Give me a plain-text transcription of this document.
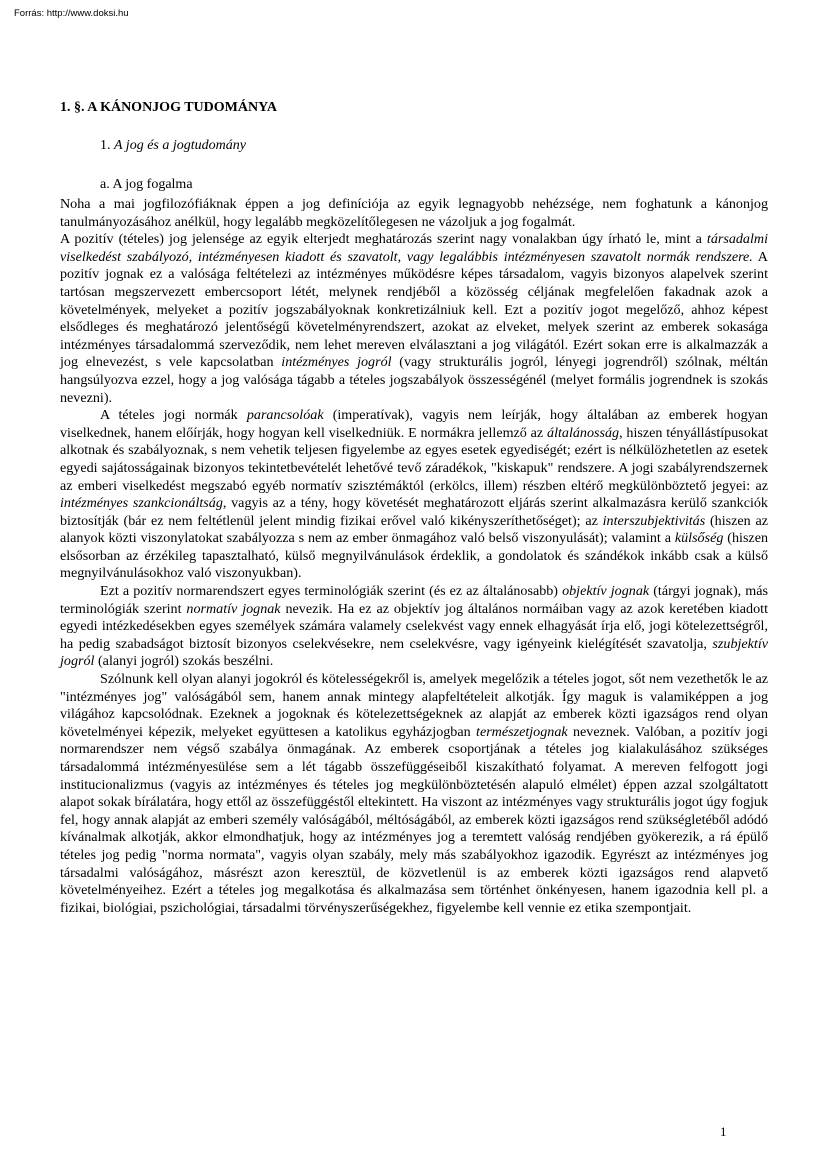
Forrás: http://www.doksi.hu
1. §. A KÁNONJOG TUDOMÁNYA

1. A jog és a jogtudomány

a. A jog fogalma

Noha a mai jogfilozófiáknak éppen a jog definíciója az egyik legnagyobb nehézsége, nem foghatunk a kánonjog tanulmányozásához anélkül, hogy legalább megközelítőlegesen ne vázoljuk a jog fogalmát.

A pozitív (tételes) jog jelensége az egyik elterjedt meghatározás szerint nagy vonalakban úgy írható le, mint a társadalmi viselkedést szabályozó, intézményesen kiadott és szavatolt, vagy legalábbis intézményesen szavatolt normák rendszere. A pozitív jognak ez a valósága feltételezi az intézményes működésre képes társadalom, vagyis bizonyos alapelvek szerint tartósan megszervezett embercsoport létét, melynek rendjéből a közösség céljának megfelelően fakadnak azok a követelmények, melyeket a pozitív jogszabályoknak konkretizálniuk kell. Ezt a pozitív jogot megelőző, ahhoz képest elsődleges és meghatározó jelentőségű követelményrendszert, azokat az elveket, melyek szerint az emberek sokasága intézményes társadalommá szerveződik, nem lehet mereven elválasztani a jog világától. Ezért sokan erre is alkalmazzák a jog elnevezést, s vele kapcsolatban intézményes jogról (vagy strukturális jogról, lényegi jogrendről) szólnak, méltán hangsúlyozva ezzel, hogy a jog valósága tágabb a tételes jogszabályok összességénél (melyet formális jogrendnek is szokás nevezni).

A tételes jogi normák parancsolóak (imperatívak), vagyis nem leírják, hogy általában az emberek hogyan viselkednek, hanem előírják, hogy hogyan kell viselkedniük. E normákra jellemző az általánosság, hiszen tényállástípusokat alkotnak és szabályoznak, s nem vehetik teljesen figyelembe az egyes esetek egyediségét; ezért is nélkülözhetetlen az esetek egyedi sajátosságainak bizonyos tekintetbevételét lehetővé tevő záradékok, "kiskapuk" rendszere. A jogi szabályrendszernek az emberi viselkedést megszabó egyéb normatív szisztémáktól (erkölcs, illem) részben eltérő megkülönböztető jegyei: az intézményes szankcionáltság, vagyis az a tény, hogy követését meghatározott eljárás szerint alkalmazásra kerülő szankciók biztosítják (bár ez nem feltétlenül jelent mindig fizikai erővel való kikényszeríthetőséget); az interszubjektivitás (hiszen az alanyok közti viszonylatokat szabályozza s nem az ember önmagához való belső viszonyulását); valamint a külsőség (hiszen elsősorban az érzékileg tapasztalható, külső megnyilvánulások érdeklik, a gondolatok és szándékok inkább csak a külső megnyilvánulásokhoz való viszonyukban).

Ezt a pozitív normarendszert egyes terminológiák szerint (és ez az általánosabb) objektív jognak (tárgyi jognak), más terminológiák szerint normatív jognak nevezik. Ha ez az objektív jog általános normáiban vagy az azok keretében kiadott egyedi intézkedésekben egyes személyek számára valamely cselekvést vagy ennek elhagyását írja elő, jogi kötelezettségről, ha pedig szabadságot biztosít bizonyos cselekvésekre, nem cselekvésre, vagy igényeink kielégítését szavatolja, szubjektív jogról (alanyi jogról) szokás beszélni.

Szólnunk kell olyan alanyi jogokról és kötelességekről is, amelyek megelőzik a tételes jogot, sőt nem vezethetők le az "intézményes jog" valóságából sem, hanem annak mintegy alapfeltételeit alkotják. Így maguk is valamiképpen a jog világához kapcsolódnak. Ezeknek a jogoknak és kötelezettségeknek az alapját az emberek közti igazságos rend olyan követelményei képezik, melyeket együttesen a katolikus egyházjogban természetjognak neveznek. Valóban, a pozitív jogi normarendszer nem végső szabálya önmagának. Az emberek csoportjának a tételes jog kialakulásához szükséges társadalommá intézményesülése sem a lét tágabb összefüggéseiből kiszakítható folyamat. A mereven felfogott jogi institucionalizmus (vagyis az intézményes és tételes jog megkülönböztetésén alapuló elmélet) éppen azzal szolgáltatott alapot sokak bírálatára, hogy ettől az összefüggéstől eltekintett. Ha viszont az intézményes vagy strukturális jogot úgy fogjuk fel, hogy annak alapját az emberi személy valóságából, méltóságából, az emberek közti igazságos rend szükségletéből adódó kívánalmak alkotják, akkor elmondhatjuk, hogy az intézményes jog a teremtett valóság rendjében gyökerezik, a rá épülő tételes jog pedig "norma normata", vagyis olyan szabály, mely más szabályokhoz igazodik. Egyrészt az intézményes jog társadalmi valóságához, másrészt azon keresztül, de közvetlenül is az emberek közti igazságos rend alapvető követelményeihez. Ezért a tételes jog megalkotása és alkalmazása sem történhet önkényesen, hanem igazodnia kell pl. a fizikai, biológiai, pszichológiai, társadalmi törvényszerűségekhez, figyelembe kell vennie ez etika szempontjait.

1
